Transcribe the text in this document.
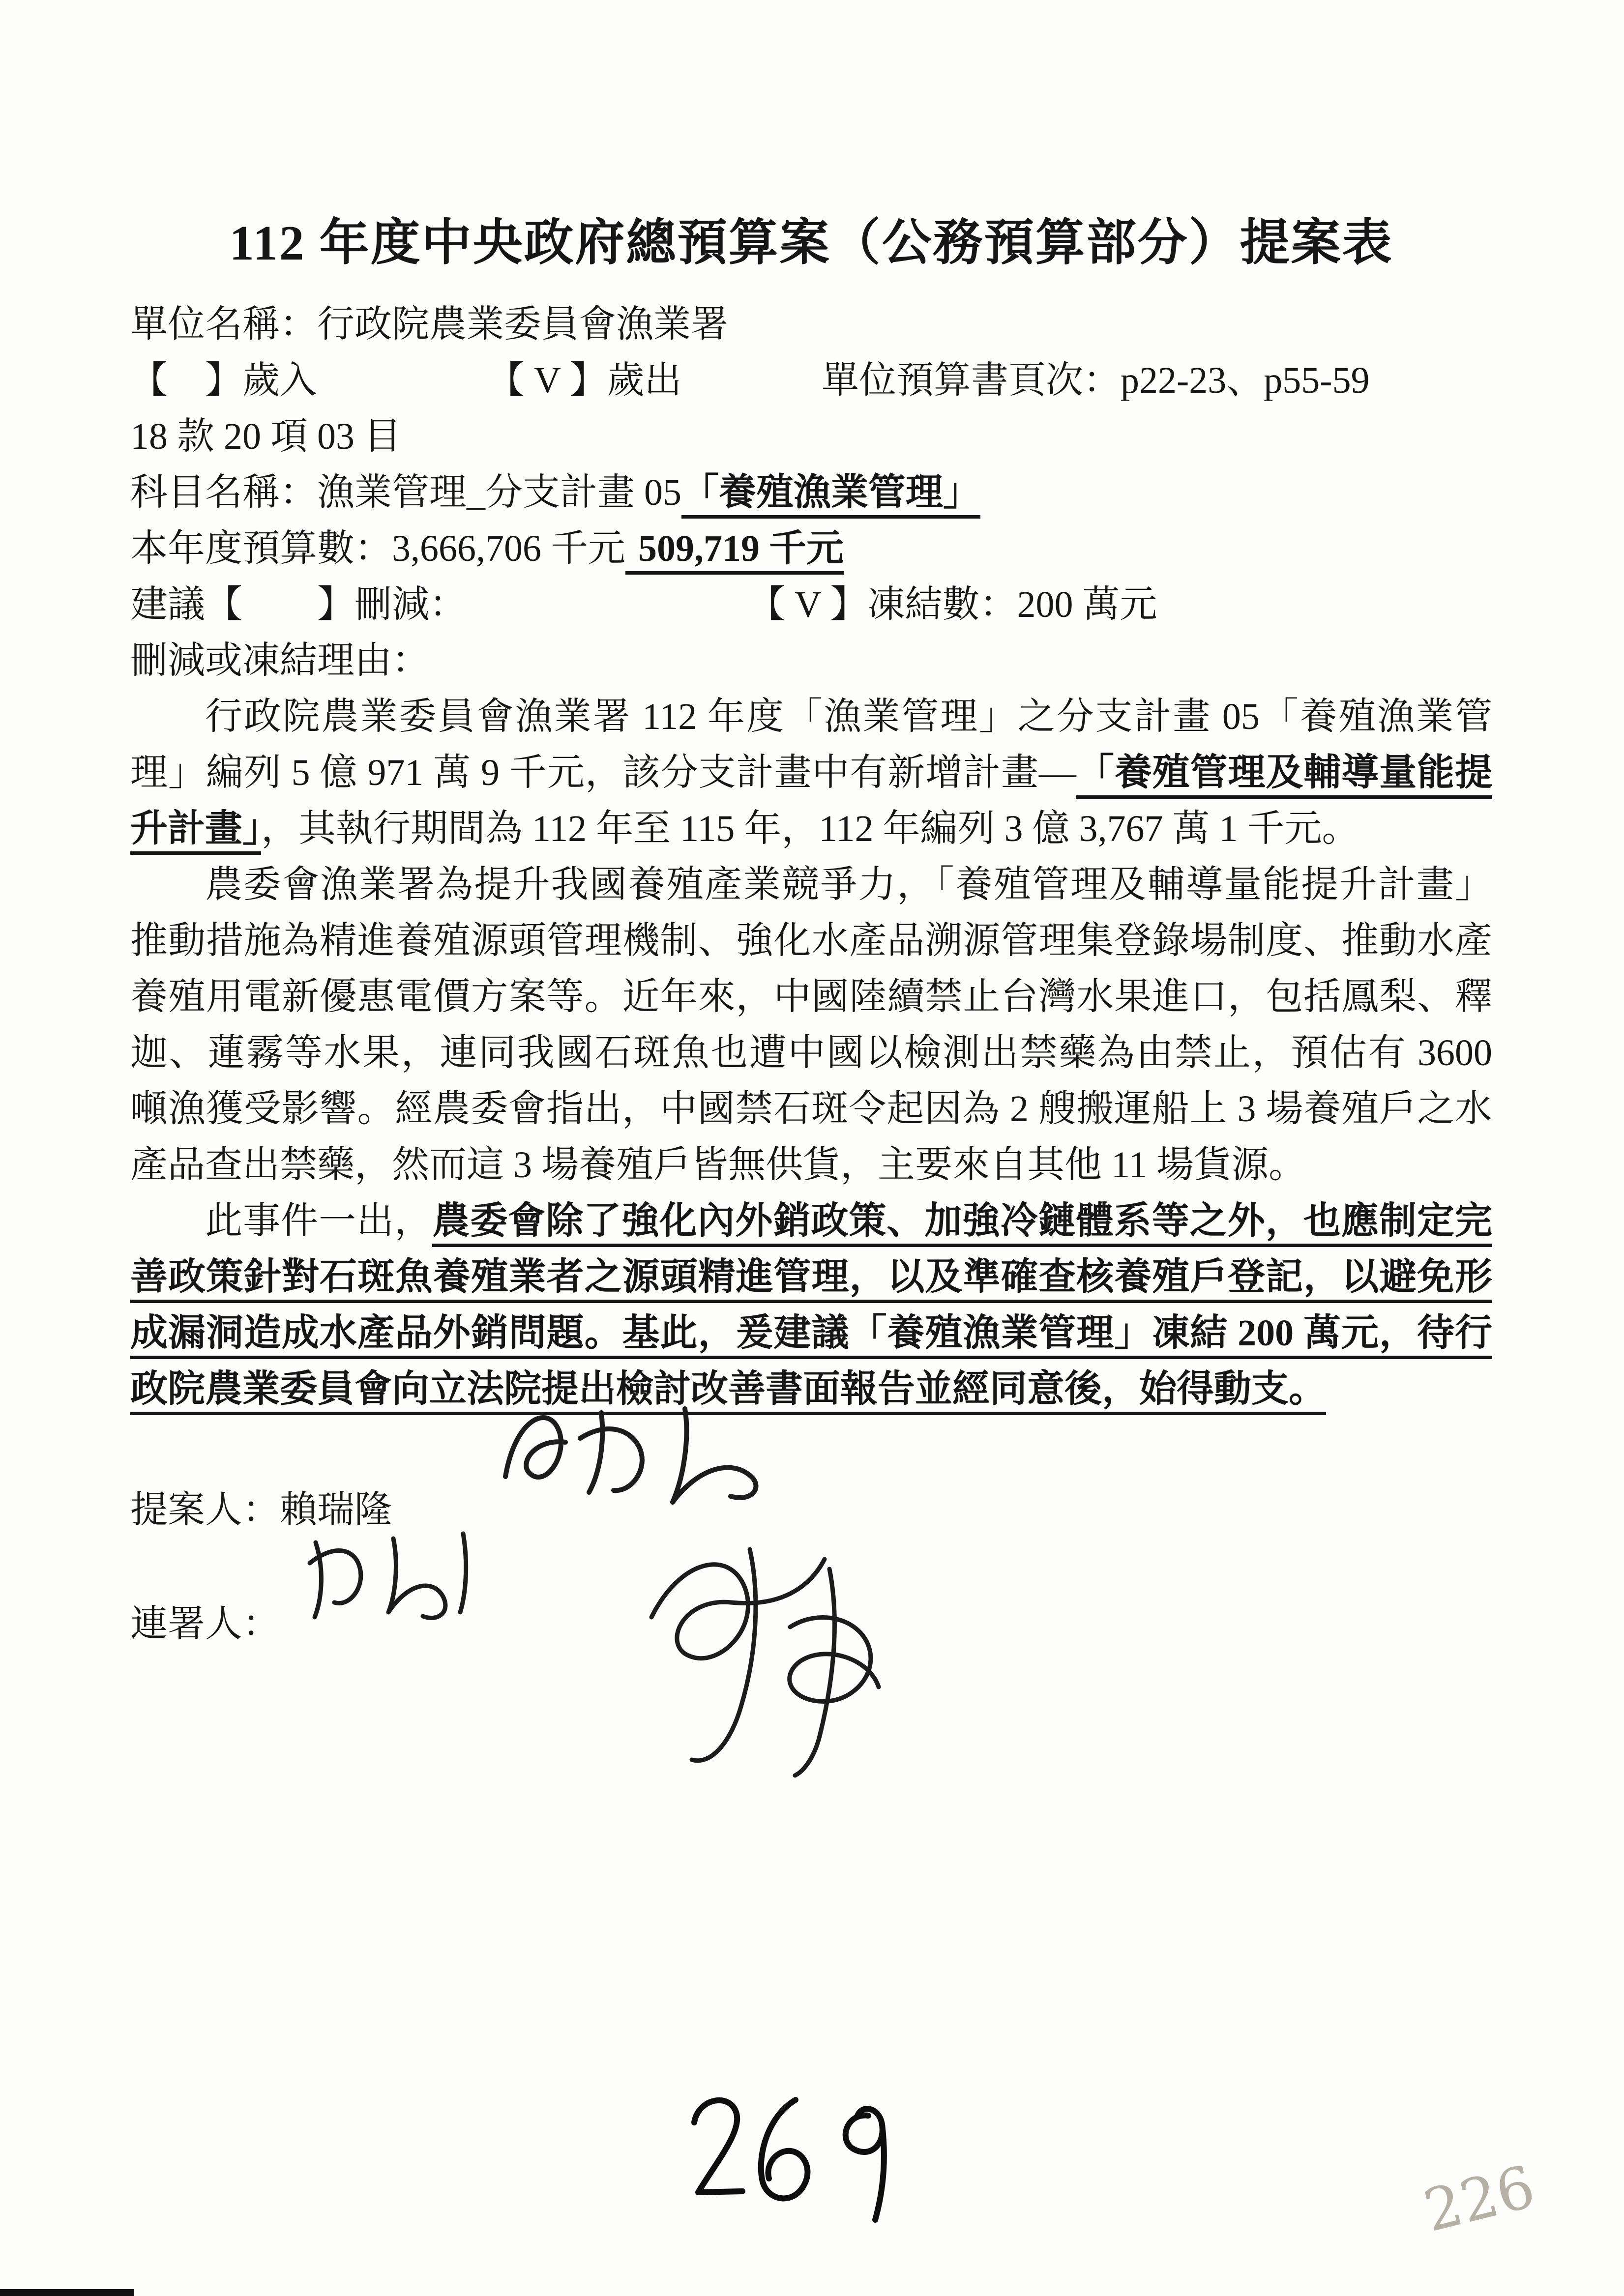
112 年度中央政府總預算案（公務預算部分）提案表
單位名稱：行政院農業委員會漁業署
【　】歲入	【 V 】歲出	單位預算書頁次：p22-23、p55-59
18 款 20 項 03 目
科目名稱：漁業管理_分支計畫 05「養殖漁業管理」
本年度預算數：3,666,706 千元 509,719 千元
建議【　　】刪減：	【 V 】凍結數：200 萬元
刪減或凍結理由：

行政院農業委員會漁業署 112 年度「漁業管理」之分支計畫 05「養殖漁業管理」編列 5 億 971 萬 9 千元，該分支計畫中有新增計畫—「養殖管理及輔導量能提升計畫」，其執行期間為 112 年至 115 年，112 年編列 3 億 3,767 萬 1 千元。

農委會漁業署為提升我國養殖產業競爭力，「養殖管理及輔導量能提升計畫」推動措施為精進養殖源頭管理機制、強化水產品溯源管理集登錄場制度、推動水產養殖用電新優惠電價方案等。近年來，中國陸續禁止台灣水果進口，包括鳳梨、釋迦、蓮霧等水果，連同我國石斑魚也遭中國以檢測出禁藥為由禁止，預估有 3600 噸漁獲受影響。經農委會指出，中國禁石斑令起因為 2 艘搬運船上 3 場養殖戶之水產品查出禁藥，然而這 3 場養殖戶皆無供貨，主要來自其他 11 場貨源。

此事件一出，農委會除了強化內外銷政策、加強冷鏈體系等之外，也應制定完善政策針對石斑魚養殖業者之源頭精進管理，以及準確查核養殖戶登記，以避免形成漏洞造成水產品外銷問題。基此，爰建議「養殖漁業管理」凍結 200 萬元，待行政院農業委員會向立法院提出檢討改善書面報告並經同意後，始得動支。

提案人：賴瑞隆
連署人：
226
